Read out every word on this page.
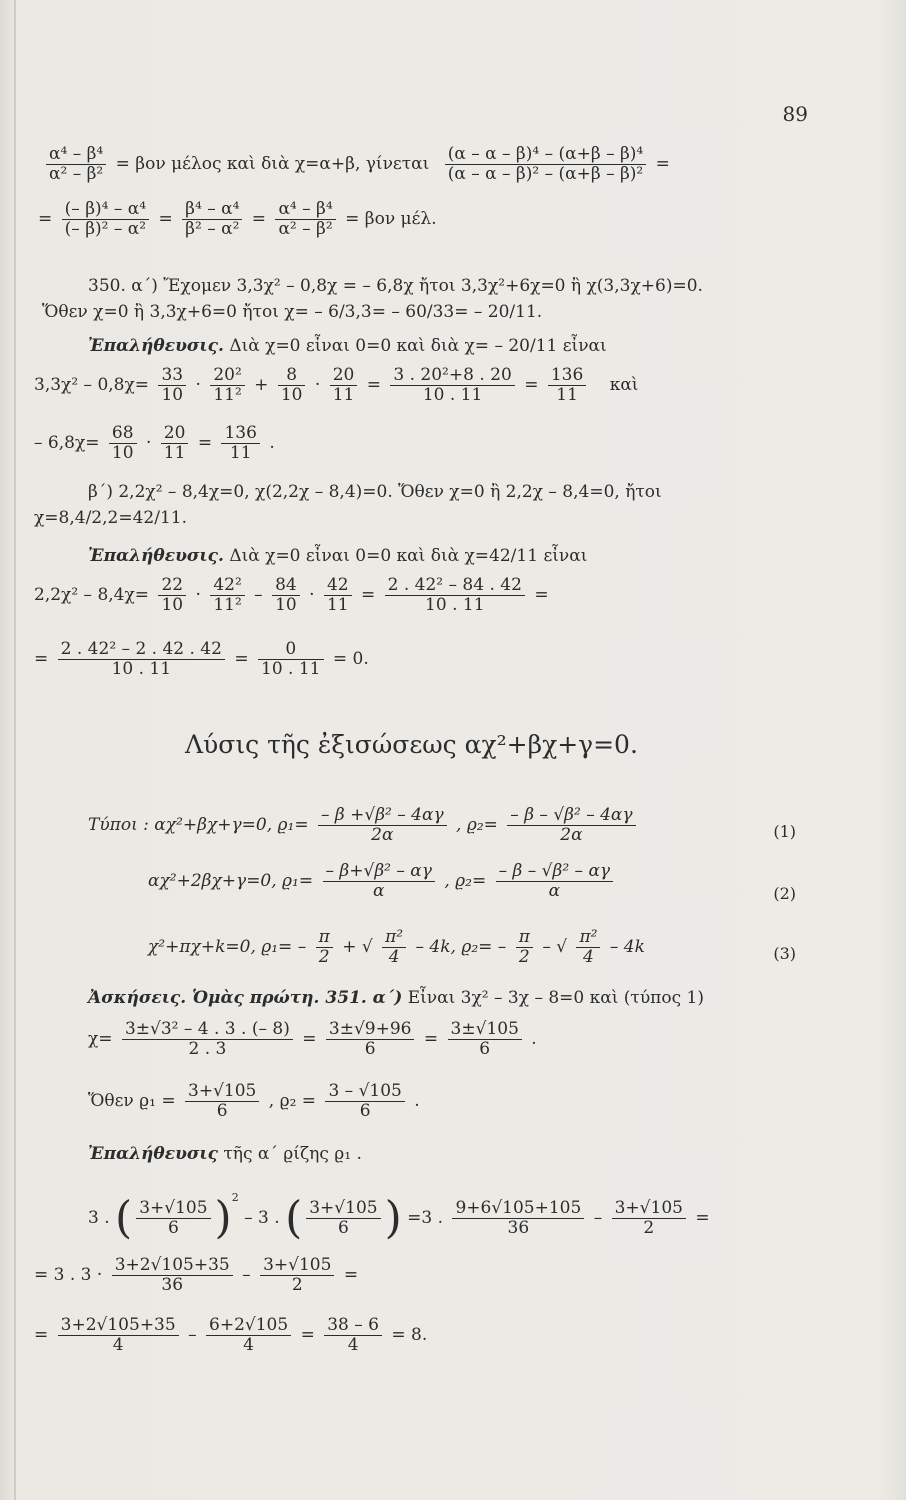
89
$\frac{\text{α⁴ – β⁴}}{\text{α² – β²}} = \beta o\nu$ μέλος καὶ διὰ χ=α+β, γίνεται $\frac{\text{(α – α – β)⁴ – (α+β – β)⁴}}{\text{(α – α – β)² – (α+β – β)²}}$ =
= $\frac{\text{(– β)⁴ – α⁴}}{\text{(– β)² – α²}} = \frac{\text{β⁴ – α⁴}}{\text{β² – α²}} = \frac{\text{α⁴ – β⁴}}{\text{α² – β²}} = \beta o\nu$ μέλ.
350. α΄) Ἔχομεν 3,3χ² – 0,8χ = – 6,8χ ἤτοι 3,3χ²+6χ=0 ἢ χ(3,3χ+6)=0.
Ὅθεν χ=0 ἢ 3,3χ+6=0 ἤτοι χ= – 6/3,3= – 60/33= – 20/11.
Ἐπαλήθευσις. Διὰ χ=0 εἶναι 0=0 καὶ διὰ χ= – 20/11 εἶναι
$3,3\chi^2 - 0,8\chi= \frac{33}{10} \cdot \frac{\text{20²}}{\text{11²}} + \frac{8}{10} \cdot \frac{20}{11} = \frac{\text{3 . 20²+8 . 20}}{10 . 11} = \frac{136}{11}$ καὶ
– $6,8\chi= \frac{68}{10} \cdot \frac{20}{11} = \frac{136}{11}$ .
β΄) 2,2χ² – 8,4χ=0, χ(2,2χ – 8,4)=0. Ὅθεν χ=0 ἢ 2,2χ – 8,4=0, ἤτοι
χ=8,4/2,2=42/11.
Ἐπαλήθευσις. Διὰ χ=0 εἶναι 0=0 καὶ διὰ χ=42/11 εἶναι
$2,2\chi^2 - 8,4\chi= \frac{22}{10} \cdot \frac{\text{42²}}{\text{11²}} - \frac{84}{10} \cdot \frac{42}{11} = \frac{\text{2 . 42² – 84 . 42}}{10 . 11}$ =
= $\frac{\text{2 . 42² – 2 . 42 . 42}}{10 . 11} = \frac{0}{10 . 11} = 0$.
Λύσις τῆς ἐξισώσεως αχ²+βχ+γ=0.
Τύποι : αχ²+βχ+γ=0, $ϱ_1= \frac{\text{– β +√β² – 4αγ}}{2\alpha}$ , $ϱ_2= \frac{\text{– β – √β² – 4αγ}}{2\alpha}$	(1)
αχ²+2βχ+γ=0, $ϱ_1= \frac{\text{– β+√β² – αγ}}{\alpha}$ , $ϱ_2= \frac{\text{– β – √β² – αγ}}{\alpha}$	(2)
χ²+πχ+k=0, $ϱ_1= - \frac{\pi}{2}$ + √ $\frac{\text{π²}}{4} - 4k$, $ϱ_2= - \frac{\pi}{2}$ – √ $\frac{\text{π²}}{4} - 4k$	(3)
Ἀσκήσεις. Ὁμὰς πρώτη. 351. α΄) Εἶναι 3χ² – 3χ – 8=0 καὶ (τύπος 1)
$\chi= \frac{\text{3±√3² – 4 . 3 . (– 8)}}{2 . 3} = \frac{3\pm√9+96}{6} = \frac{3\pm√105}{6}$ .
Ὅθεν $ϱ_1 = \frac{3+√105}{6}$ , $ϱ_2 = \frac{3 - √105}{6}$ .
Ἐπαλήθευσις τῆς α΄ ϱίζης ϱ₁ .
3 . ( $\frac{3+√105}{6} )^2 - 3$ . ( $\frac{3+√105}{6}$ ) =3 . $\frac{9+6√105+105}{36} - \frac{3+√105}{2}$ =
= 3 . $3 \cdot \frac{3+2√105+35}{36} - \frac{3+√105}{2}$ =
= $\frac{3+2√105+35}{4} - \frac{6+2√105}{4} = \frac{38 - 6}{4} = 8$.
